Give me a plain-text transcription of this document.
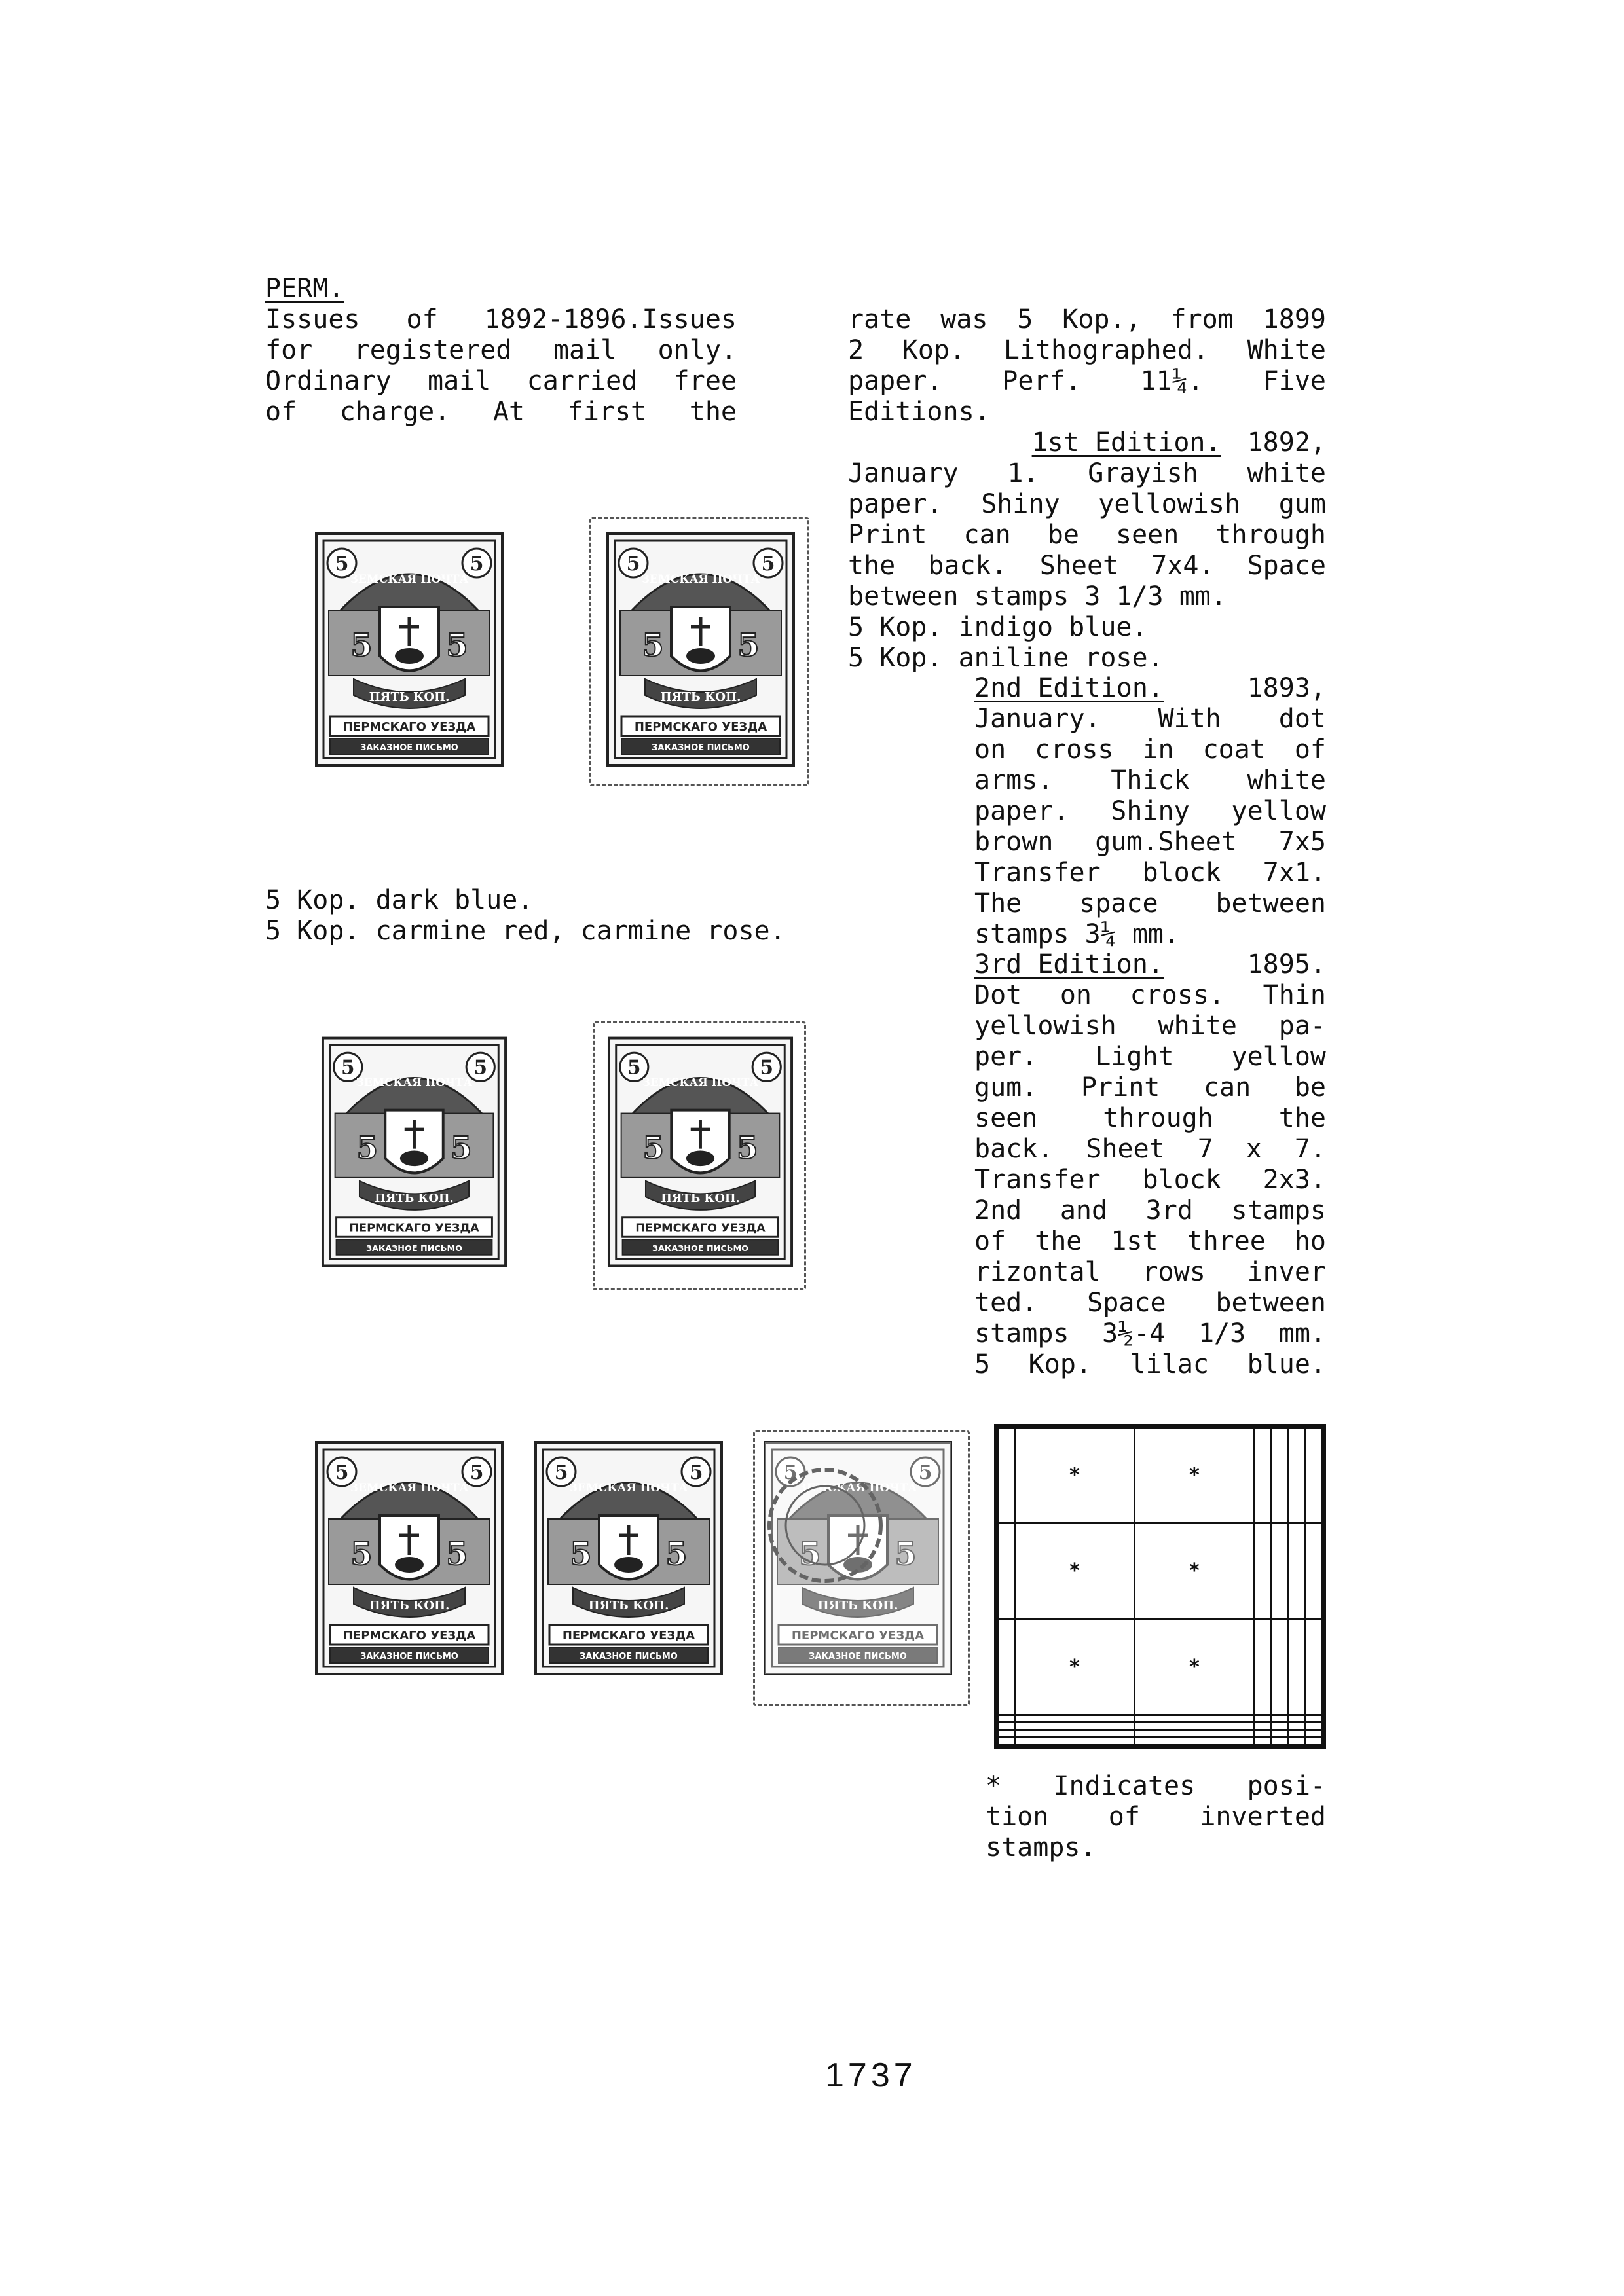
PERM.
Issues of 1892-1896.Issues
for registered mail only.
Ordinary mail carried free
of charge. At first the
rate was 5 Kop., from 1899
2 Kop. Lithographed. White
paper. Perf. 11¼. Five
Editions.
1st Edition. 1892,
January 1. Grayish white
paper. Shiny yellowish gum
Print can be seen through
the back. Sheet 7x4. Space
between stamps 3 1/3 mm.
5 Kop. indigo blue.
5 Kop. aniline rose.
2nd Edition.	1893,
January. With dot
on cross in coat of
arms. Thick white
paper. Shiny yellow
brown gum.Sheet 7x5
Transfer block 7x1.
The space between
stamps 3¼ mm.
3rd Edition.	1895.
Dot on cross. Thin
yellowish white pa-
per. Light yellow
gum. Print can be
seen through the
back. Sheet 7 x 7.
Transfer block 2x3.
2nd and 3rd stamps
of the 1st three ho
rizontal rows inver
ted. Space between
stamps 3½-4 1/3 mm.
5 Kop. lilac blue.
5 Kop. dark blue.
5 Kop. carmine red, carmine rose.
5	5
ЗЕМСКАЯ ПОЧТА
5 5
ПЯТЬ КОП.
ПЕРМСКАГО УЕЗДА
ЗАКАЗНОЕ ПИСЬМО
5	5
ЗЕМСКАЯ ПОЧТА
5 5
ПЯТЬ КОП.
ПЕРМСКАГО УЕЗДА
ЗАКАЗНОЕ ПИСЬМО
5	5
ЗЕМСКАЯ ПОЧТА
5 5
ПЯТЬ КОП.
ПЕРМСКАГО УЕЗДА
ЗАКАЗНОЕ ПИСЬМО
5	5
ЗЕМСКАЯ ПОЧТА
5 5
ПЯТЬ КОП.
ПЕРМСКАГО УЕЗДА
ЗАКАЗНОЕ ПИСЬМО
5	5
ЗЕМСКАЯ ПОЧТА
5 5
ПЯТЬ КОП.
ПЕРМСКАГО УЕЗДА
ЗАКАЗНОЕ ПИСЬМО
5	5
ЗЕМСКАЯ ПОЧТА
5 5
ПЯТЬ КОП.
ПЕРМСКАГО УЕЗДА
ЗАКАЗНОЕ ПИСЬМО
5	5
ЗЕМСКАЯ ПОЧТА
5 5
ПЯТЬ КОП.
ПЕРМСКАГО УЕЗДА
ЗАКАЗНОЕ ПИСЬМО
	*	*				
	*	*				
	*	*				

* Indicates posi-
tion of inverted
stamps.
1737
